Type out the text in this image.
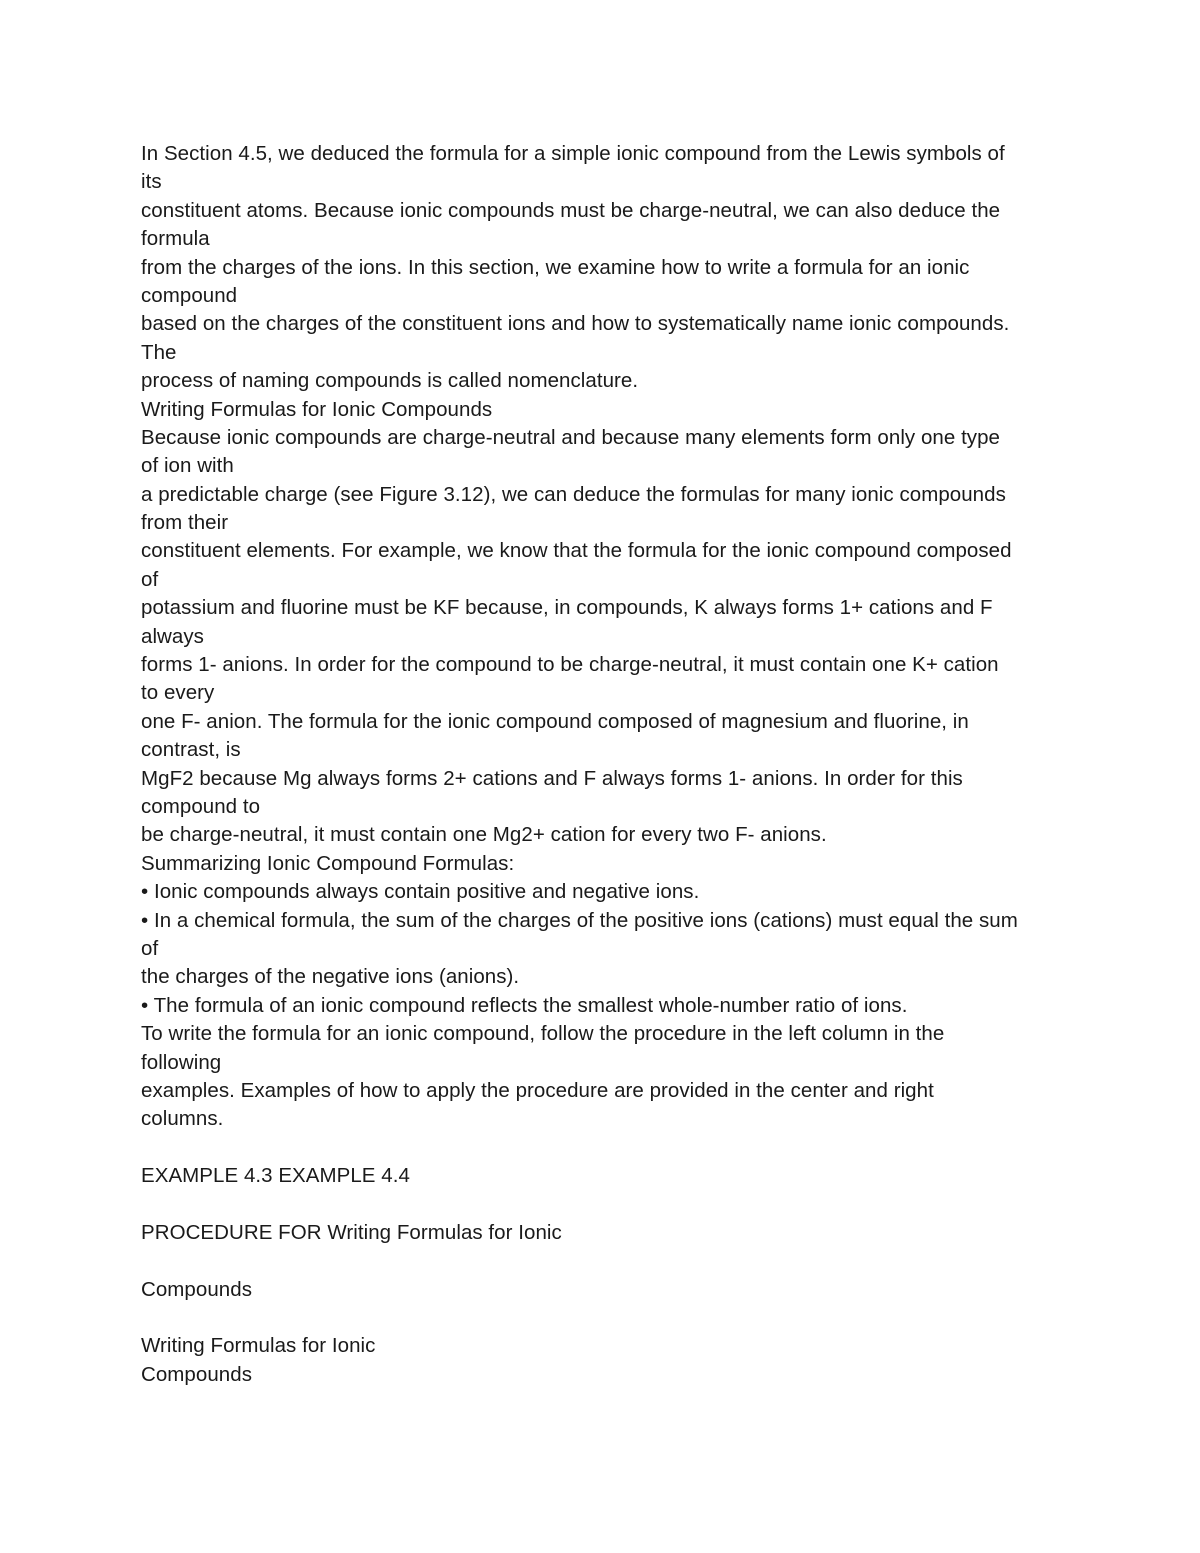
In Section 4.5, we deduced the formula for a simple ionic compound from the Lewis symbols of
its
constituent atoms. Because ionic compounds must be charge-neutral, we can also deduce the
formula
from the charges of the ions. In this section, we examine how to write a formula for an ionic
compound
based on the charges of the constituent ions and how to systematically name ionic compounds.
The
process of naming compounds is called nomenclature.
Writing Formulas for Ionic Compounds
Because ionic compounds are charge-neutral and because many elements form only one type
of ion with
a predictable charge (see Figure 3.12), we can deduce the formulas for many ionic compounds
from their
constituent elements. For example, we know that the formula for the ionic compound composed
of
potassium and fluorine must be KF because, in compounds, K always forms 1+ cations and F
always
forms 1- anions. In order for the compound to be charge-neutral, it must contain one K+ cation
to every
one F- anion. The formula for the ionic compound composed of magnesium and fluorine, in
contrast, is
MgF2 because Mg always forms 2+ cations and F always forms 1- anions. In order for this
compound to
be charge-neutral, it must contain one Mg2+ cation for every two F- anions.
Summarizing Ionic Compound Formulas:
• Ionic compounds always contain positive and negative ions.
• In a chemical formula, the sum of the charges of the positive ions (cations) must equal the sum
of
the charges of the negative ions (anions).
• The formula of an ionic compound reflects the smallest whole-number ratio of ions.
To write the formula for an ionic compound, follow the procedure in the left column in the
following
examples. Examples of how to apply the procedure are provided in the center and right
columns.
EXAMPLE 4.3 EXAMPLE 4.4
PROCEDURE FOR Writing Formulas for Ionic
Compounds
Writing Formulas for Ionic
Compounds
